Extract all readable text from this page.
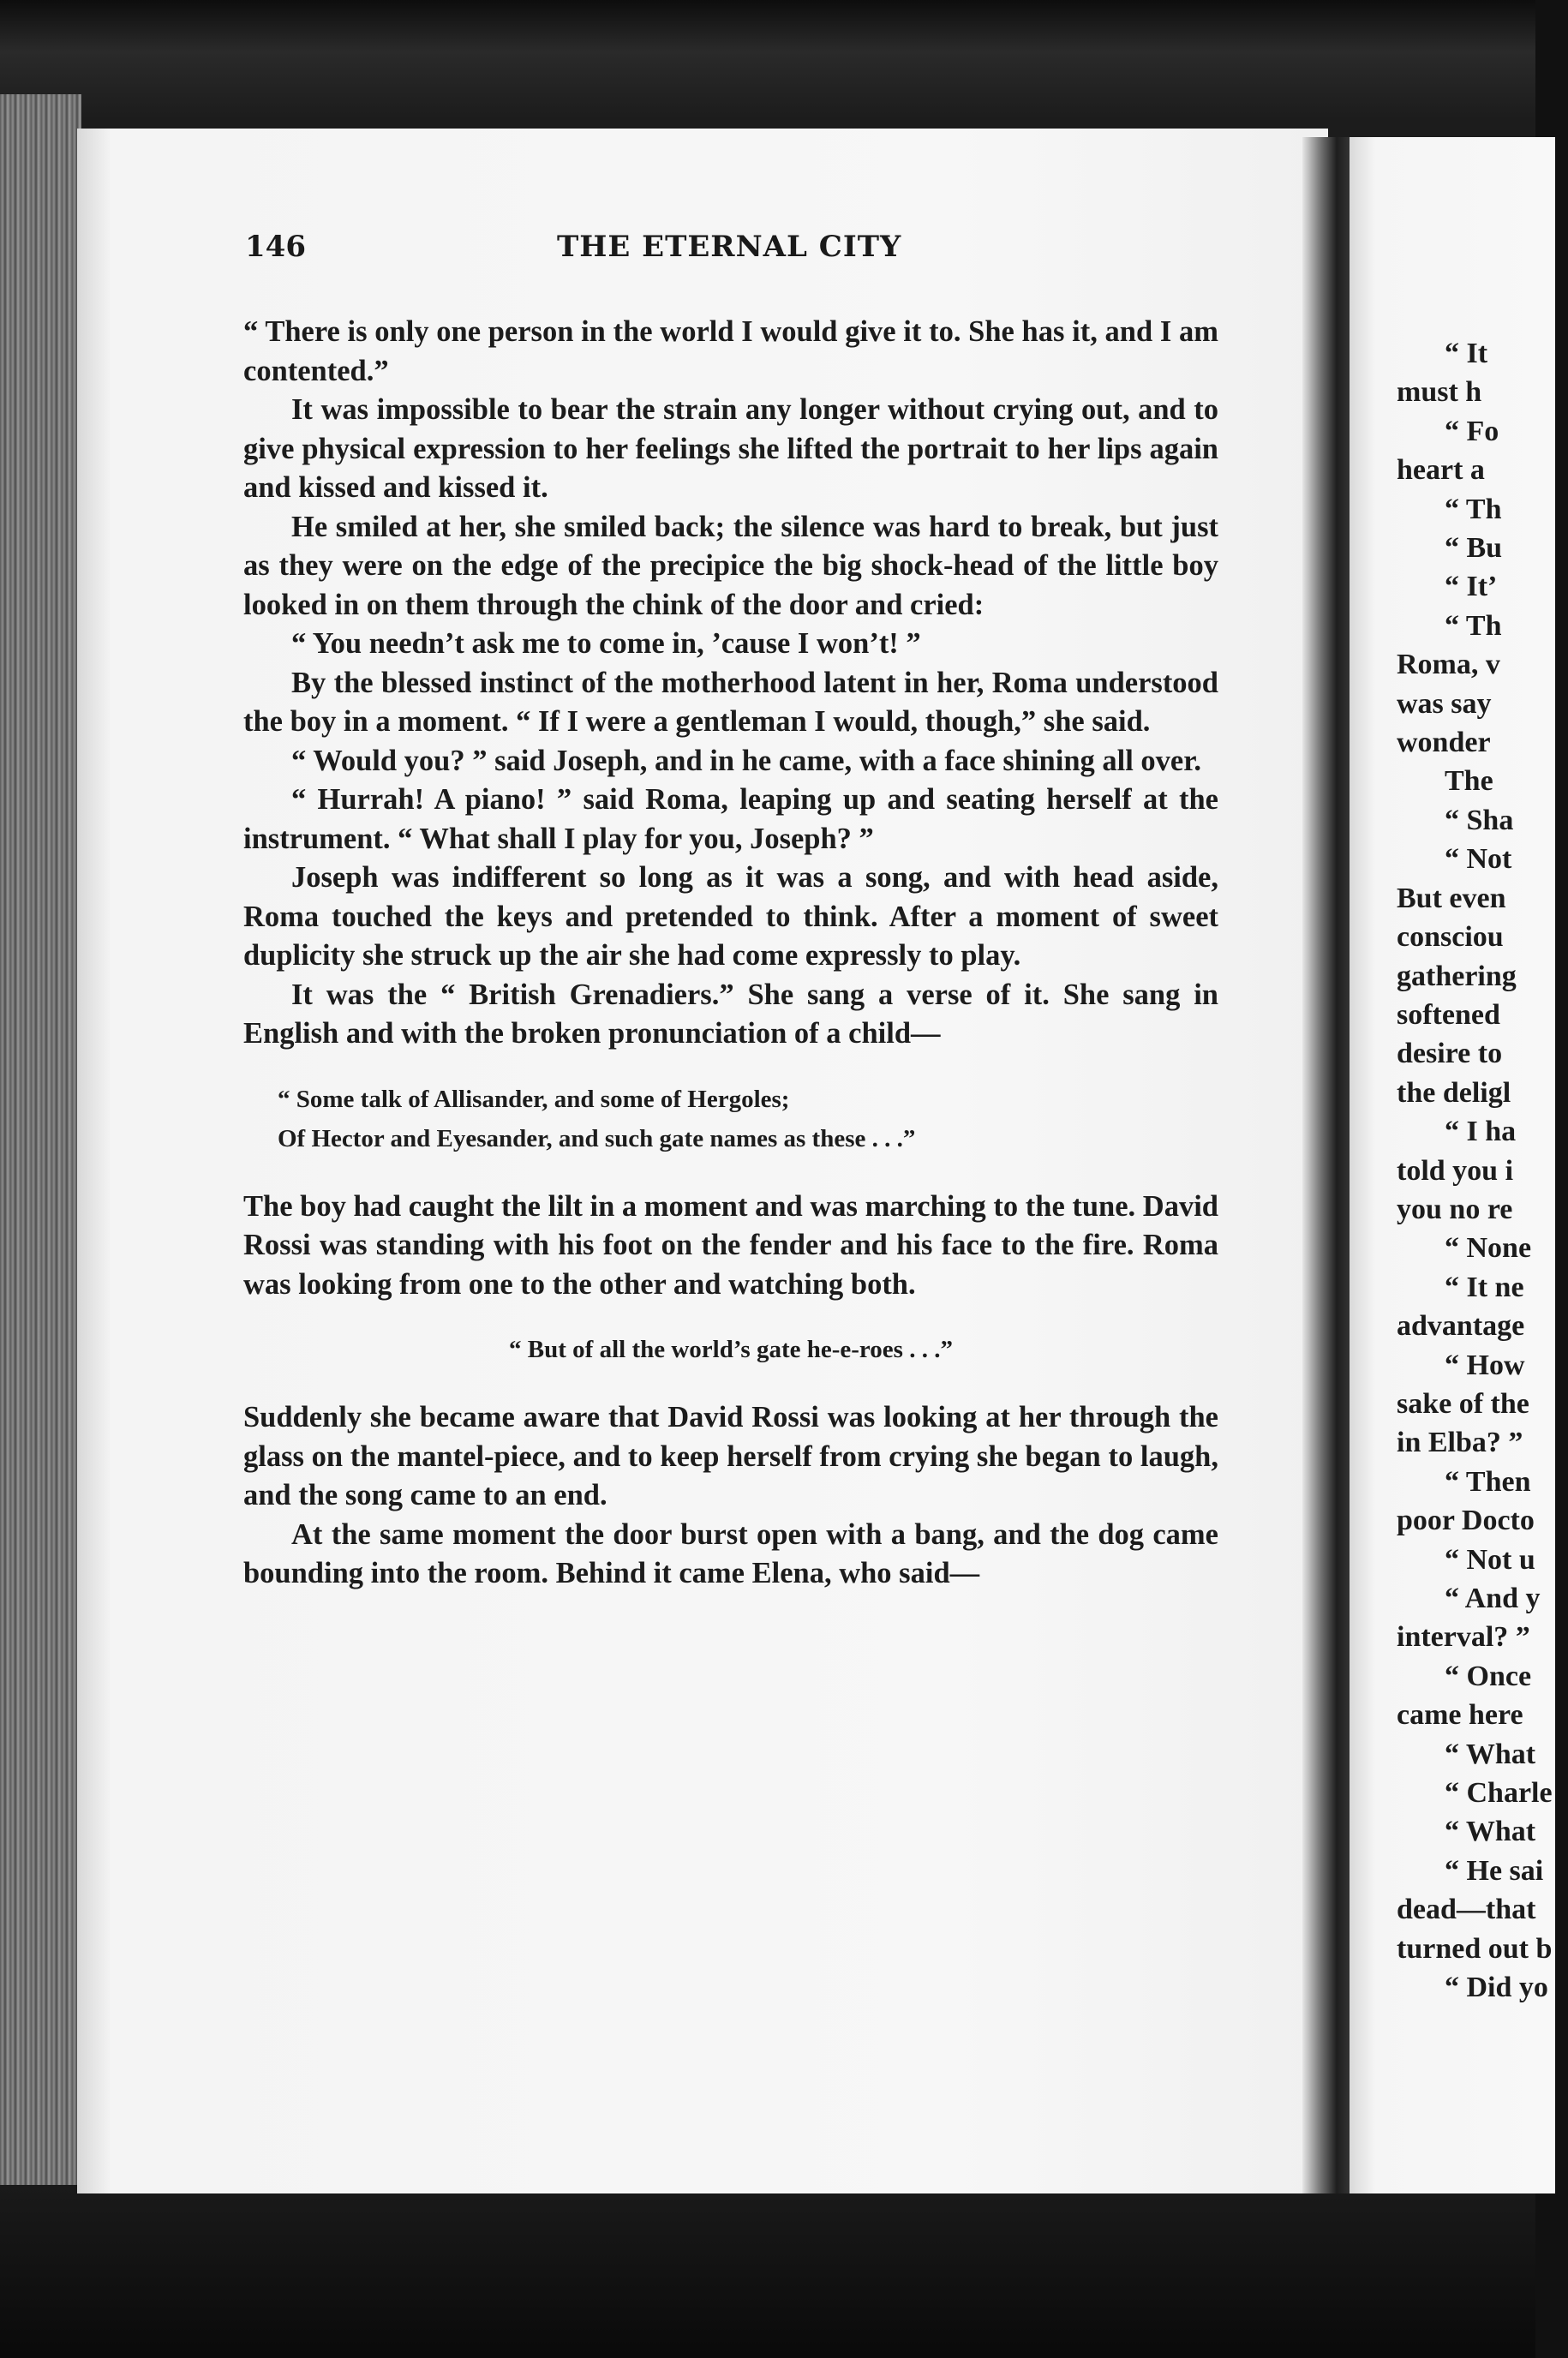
146	THE ETERNAL CITY

“ There is only one person in the world I would give it to. She has it, and I am contented.”

It was impossible to bear the strain any longer without crying out, and to give physical expression to her feelings she lifted the portrait to her lips again and kissed and kissed it.

He smiled at her, she smiled back; the silence was hard to break, but just as they were on the edge of the precipice the big shock-head of the little boy looked in on them through the chink of the door and cried:

“ You needn’t ask me to come in, ’cause I won’t! ”

By the blessed instinct of the motherhood latent in her, Roma understood the boy in a moment. “ If I were a gentleman I would, though,” she said.

“ Would you? ” said Joseph, and in he came, with a face shining all over.

“ Hurrah! A piano! ” said Roma, leaping up and seating herself at the instrument. “ What shall I play for you, Joseph? ”

Joseph was indifferent so long as it was a song, and with head aside, Roma touched the keys and pretended to think. After a moment of sweet duplicity she struck up the air she had come expressly to play.

It was the “ British Grenadiers.” She sang a verse of it. She sang in English and with the broken pronunciation of a child—

“ Some talk of Allisander, and some of Hergoles;
Of Hector and Eyesander, and such gate names as these . . .”

The boy had caught the lilt in a moment and was marching to the tune. David Rossi was standing with his foot on the fender and his face to the fire. Roma was looking from one to the other and watching both.

“ But of all the world’s gate he-e-roes . . .”

Suddenly she became aware that David Rossi was looking at her through the glass on the mantel-piece, and to keep herself from crying she began to laugh, and the song came to an end.

At the same moment the door burst open with a bang, and the dog came bounding into the room. Behind it came Elena, who said—

“ It
must h
“ Fo
heart a
“ Th
“ Bu
“ It’
“ Th
Roma, v
was say
wonder
The
“ Sha
“ Not
But even
consciou
gathering
softened
desire to
the deligl
“ I ha
told you i
you no re
“ None
“ It ne
advantage
“ How
sake of the
in Elba? ”
“ Then
poor Docto
“ Not u
“ And y
interval? ”
“ Once
came here
“ What
“ Charle
“ What
“ He sai
dead—that
turned out b
“ Did yo
